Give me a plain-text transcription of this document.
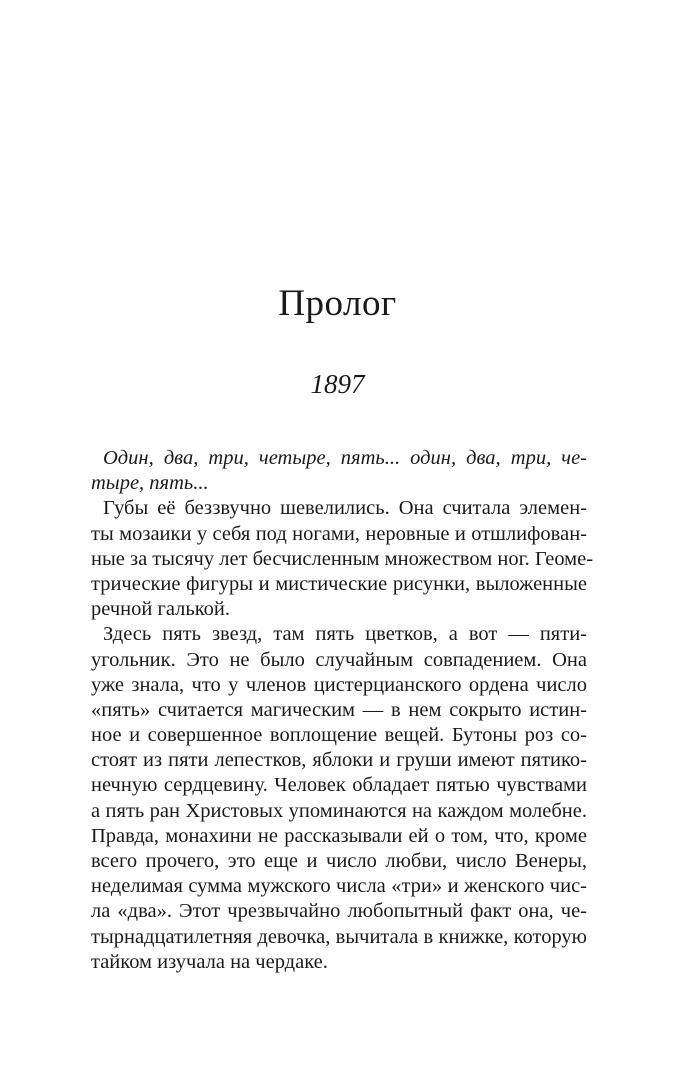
Пролог
1897
Один, два, три, четыре, пять... один, два, три, че-
тыре, пять...
Губы её беззвучно шевелились. Она считала элемен-
ты мозаики у себя под ногами, неровные и отшлифован-
ные за тысячу лет бесчисленным множеством ног. Геоме-
трические фигуры и мистические рисунки, выложенные
речной галькой.
Здесь пять звезд, там пять цветков, а вот — пяти-
угольник. Это не было случайным совпадением. Она
уже знала, что у членов цистерцианского ордена число
«пять» считается магическим — в нем сокрыто истин-
ное и совершенное воплощение вещей. Бутоны роз со-
стоят из пяти лепестков, яблоки и груши имеют пятико-
нечную сердцевину. Человек обладает пятью чувствами
а пять ран Христовых упоминаются на каждом молебне.
Правда, монахини не рассказывали ей о том, что, кроме
всего прочего, это еще и число любви, число Венеры,
неделимая сумма мужского числа «три» и женского чис-
ла «два». Этот чрезвычайно любопытный факт она, че-
тырнадцатилетняя девочка, вычитала в книжке, которую
тайком изучала на чердаке.
